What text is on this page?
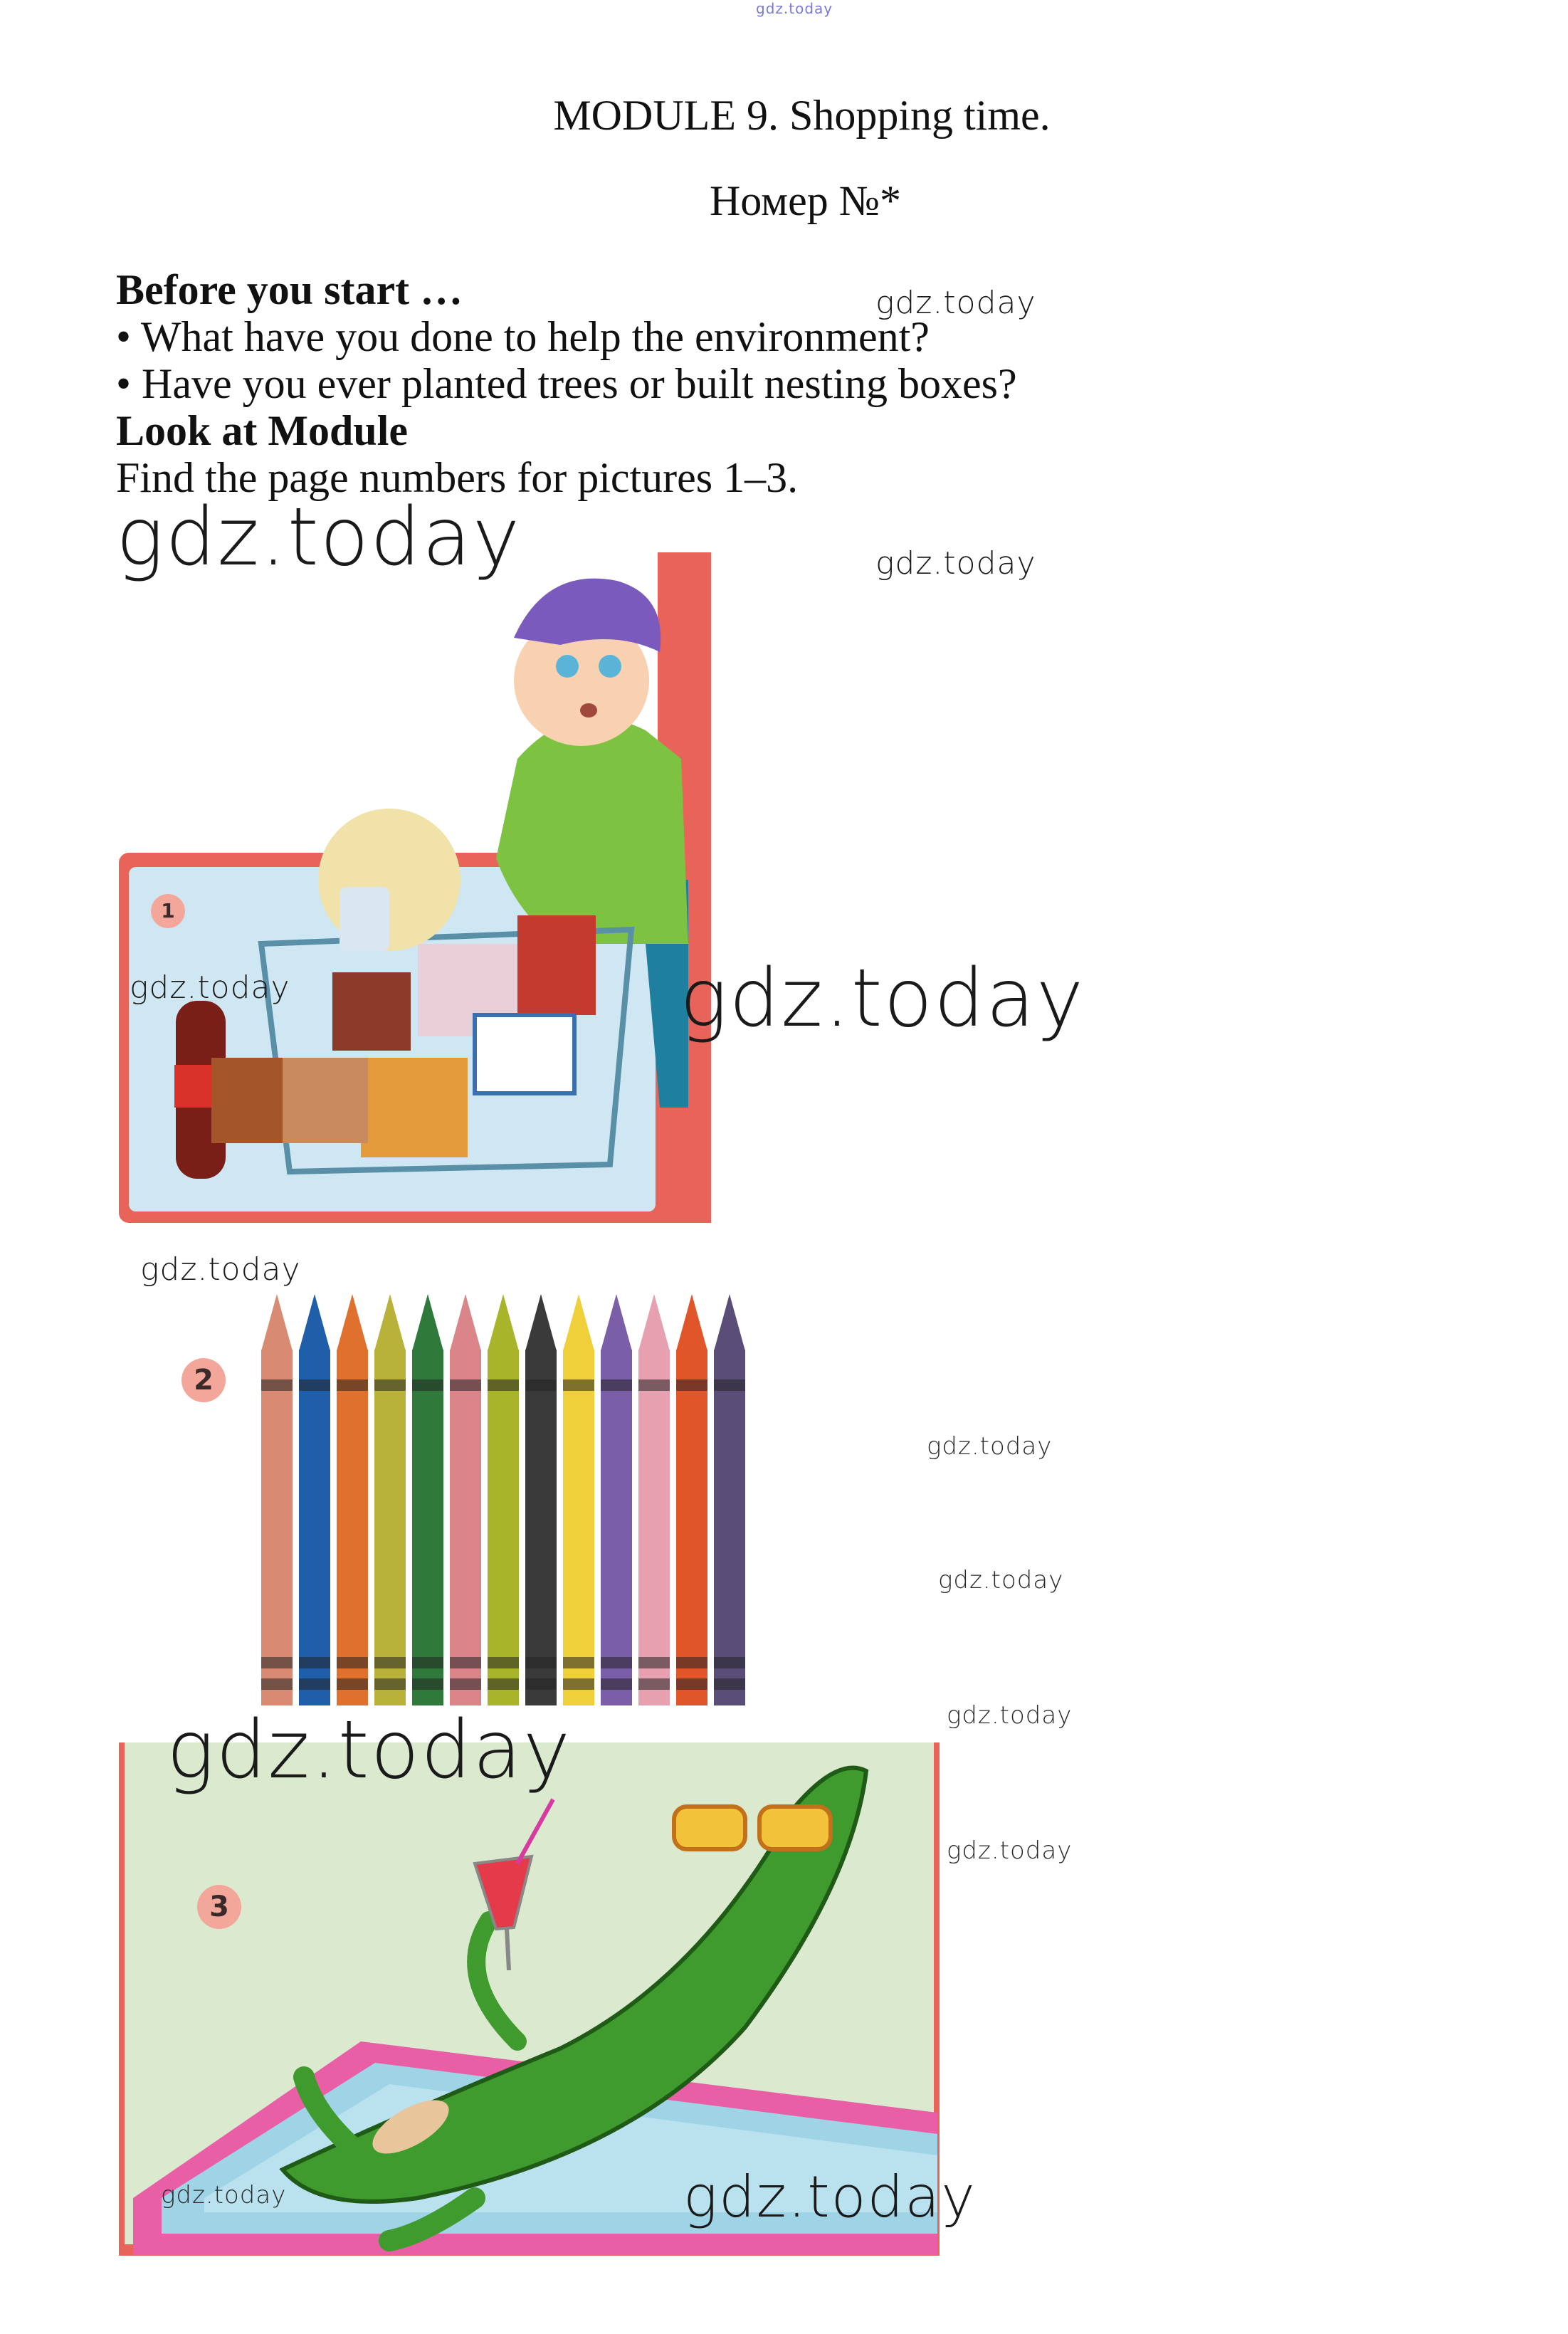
gdz.today
MODULE 9. Shopping time.
Номер №*
Before you start …
• What have you done to help the environment?
• Have you ever planted trees or built nesting boxes?
Look at Module
Find the page numbers for pictures 1–3.
1
2
3
gdz.today
gdz.today	gdz.today
gdz.today	gdz.today
gdz.today
gdz.today
gdz.today
gdz.today	gdz.today
gdz.today
gdz.today	gdz.today
